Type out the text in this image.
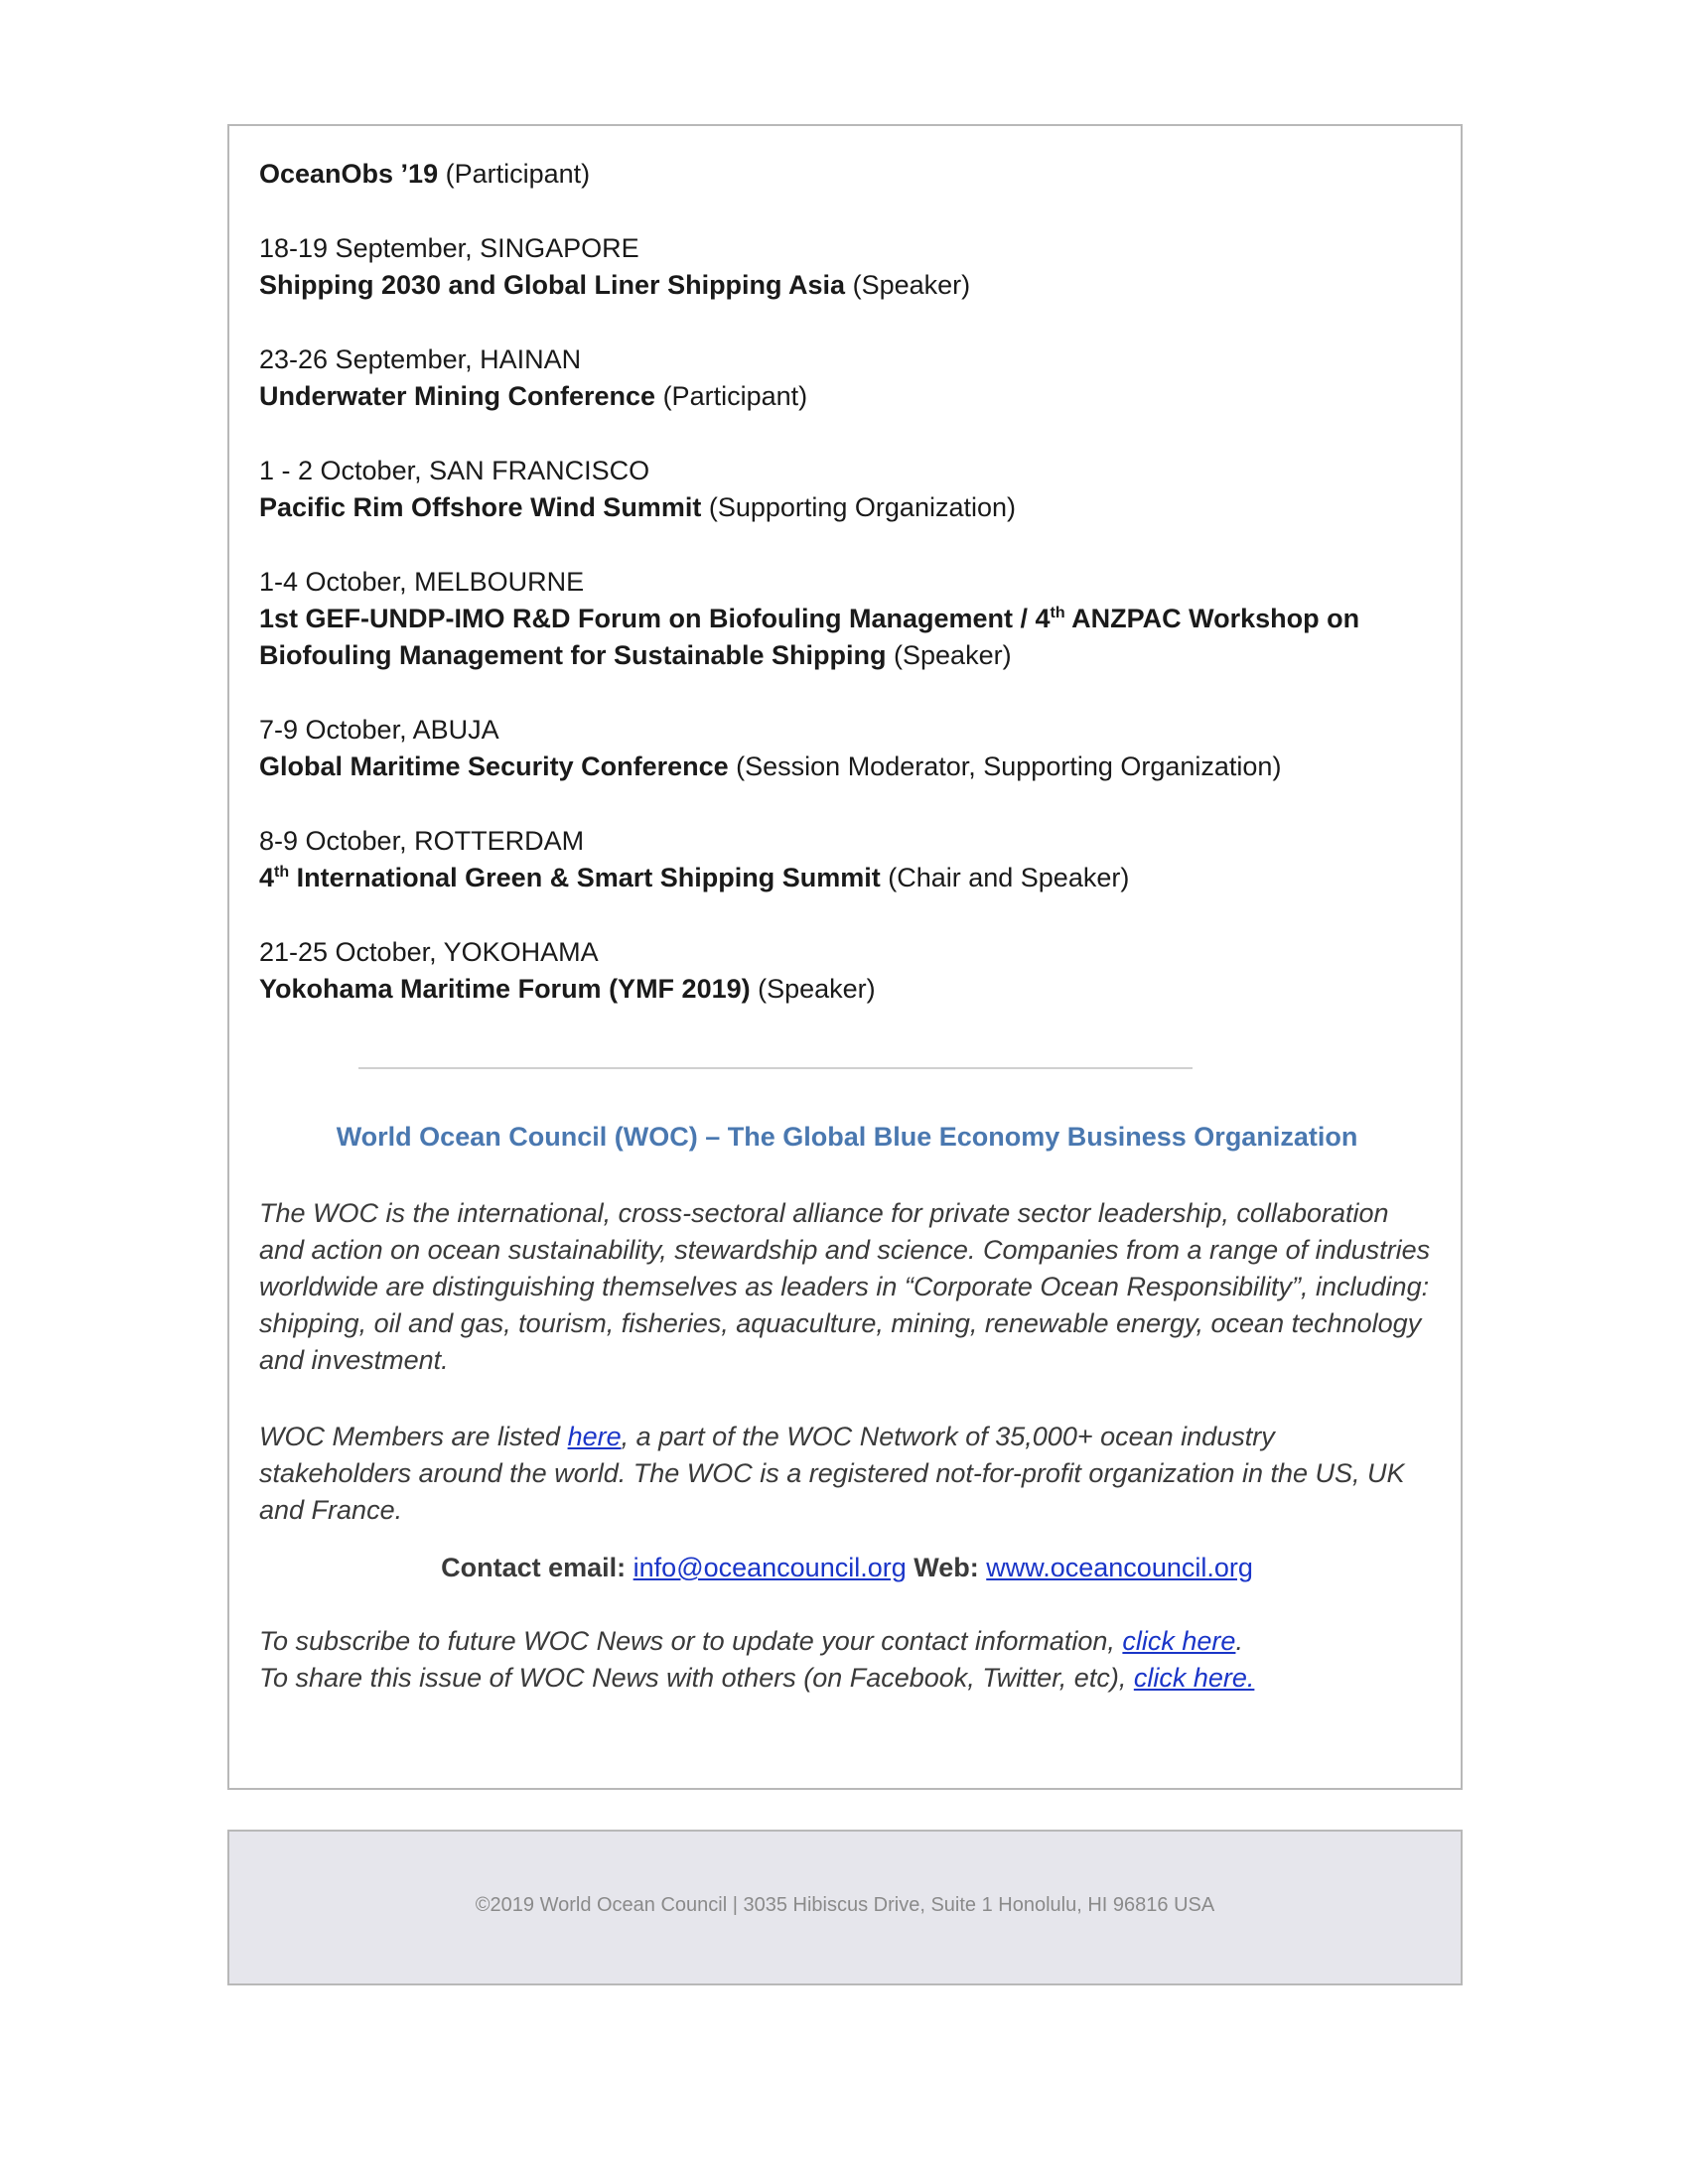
OceanObs ’19 (Participant)
18-19 September, SINGAPORE
Shipping 2030 and Global Liner Shipping Asia (Speaker)
23-26 September, HAINAN
Underwater Mining Conference (Participant)
1 - 2 October, SAN FRANCISCO
Pacific Rim Offshore Wind Summit (Supporting Organization)
1-4 October, MELBOURNE
1st GEF-UNDP-IMO R&D Forum on Biofouling Management / 4th ANZPAC Workshop on Biofouling Management for Sustainable Shipping (Speaker)
7-9 October, ABUJA
Global Maritime Security Conference (Session Moderator, Supporting Organization)
8-9 October, ROTTERDAM
4th International Green & Smart Shipping Summit (Chair and Speaker)
21-25 October, YOKOHAMA
Yokohama Maritime Forum (YMF 2019) (Speaker)
World Ocean Council (WOC) – The Global Blue Economy Business Organization
The WOC is the international, cross-sectoral alliance for private sector leadership, collaboration and action on ocean sustainability, stewardship and science. Companies from a range of industries worldwide are distinguishing themselves as leaders in “Corporate Ocean Responsibility”, including: shipping, oil and gas, tourism, fisheries, aquaculture, mining, renewable energy, ocean technology and investment.
WOC Members are listed here, a part of the WOC Network of 35,000+ ocean industry stakeholders around the world. The WOC is a registered not-for-profit organization in the US, UK and France.
Contact email: info@oceancouncil.org Web: www.oceancouncil.org
To subscribe to future WOC News or to update your contact information, click here.
To share this issue of WOC News with others (on Facebook, Twitter, etc), click here.
©2019 World Ocean Council | 3035 Hibiscus Drive, Suite 1 Honolulu, HI 96816 USA
